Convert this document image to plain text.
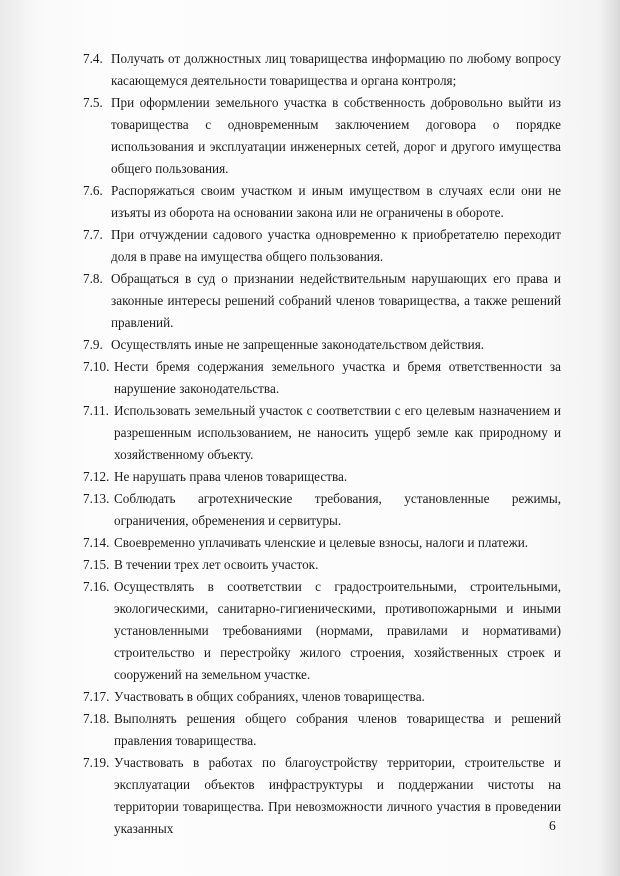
7.4. Получать от должностных лиц товарищества информацию по любому вопросу касающемуся деятельности товарищества и органа контроля;
7.5. При оформлении земельного участка в собственность добровольно выйти из товарищества с одновременным заключением договора о порядке использования и эксплуатации инженерных сетей, дорог и другого имущества общего пользования.
7.6. Распоряжаться своим участком и иным имуществом в случаях если они не изъяты из оборота на основании закона или не ограничены в обороте.
7.7. При отчуждении садового участка одновременно к приобретателю переходит доля в праве на имущества общего пользования.
7.8. Обращаться в суд о признании недействительным нарушающих его права и законные интересы решений собраний членов товарищества, а также решений правлений.
7.9. Осуществлять иные не запрещенные законодательством действия.
7.10. Нести бремя содержания земельного участка и бремя ответственности за нарушение законодательства.
7.11. Использовать земельный участок с соответствии с его целевым назначением и разрешенным использованием, не наносить ущерб земле как природному и хозяйственному объекту.
7.12. Не нарушать права членов товарищества.
7.13. Соблюдать агротехнические требования, установленные режимы, ограничения, обременения и сервитуры.
7.14. Своевременно уплачивать членские и целевые взносы, налоги и платежи.
7.15. В течении трех лет освоить участок.
7.16. Осуществлять в соответствии с градостроительными, строительными, экологическими, санитарно-гигиеническими, противопожарными и иными установленными требованиями (нормами, правилами и нормативами) строительство и перестройку жилого строения, хозяйственных строек и сооружений на земельном участке.
7.17. Участвовать в общих собраниях, членов товарищества.
7.18. Выполнять решения общего собрания членов товарищества и решений правления товарищества.
7.19. Участвовать в работах по благоустройству территории, строительстве и эксплуатации объектов инфраструктуры и поддержании чистоты на территории товарищества. При невозможности личного участия в проведении указанных	6
